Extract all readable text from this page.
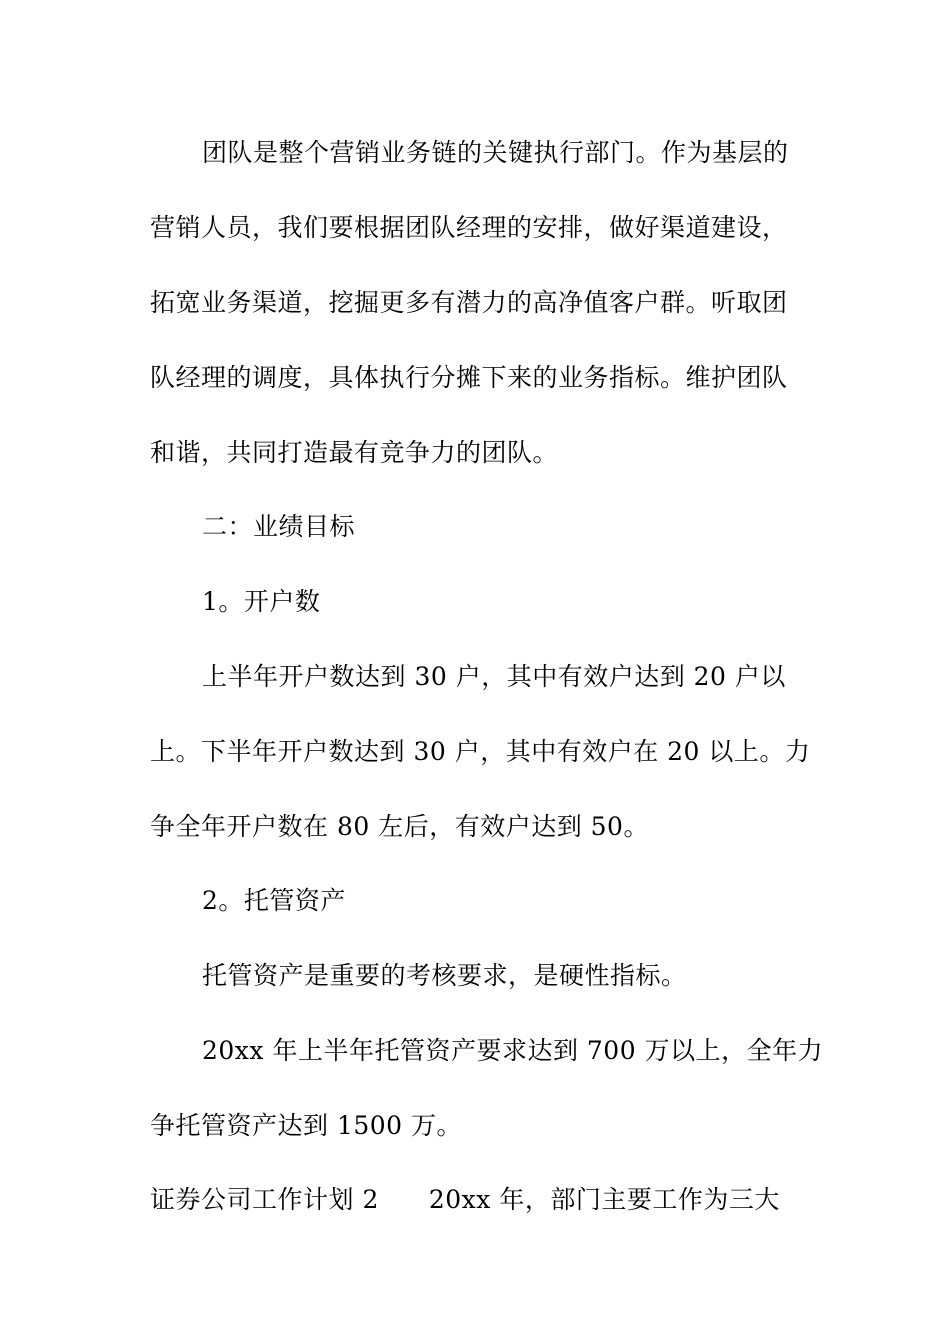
团队是整个营销业务链的关键执行部门。作为基层的
营销人员，我们要根据团队经理的安排，做好渠道建设，
拓宽业务渠道，挖掘更多有潜力的高净值客户群。听取团
队经理的调度，具体执行分摊下来的业务指标。维护团队
和谐，共同打造最有竞争力的团队。
二：业绩目标
1。开户数
上半年开户数达到 30 户，其中有效户达到 20 户以
上。下半年开户数达到 30 户，其中有效户在 20 以上。力
争全年开户数在 80 左后，有效户达到 50。
2。托管资产
托管资产是重要的考核要求，是硬性指标。
20xx 年上半年托管资产要求达到 700 万以上，全年力
争托管资产达到 1500 万。
证券公司工作计划 2 20xx 年，部门主要工作为三大
